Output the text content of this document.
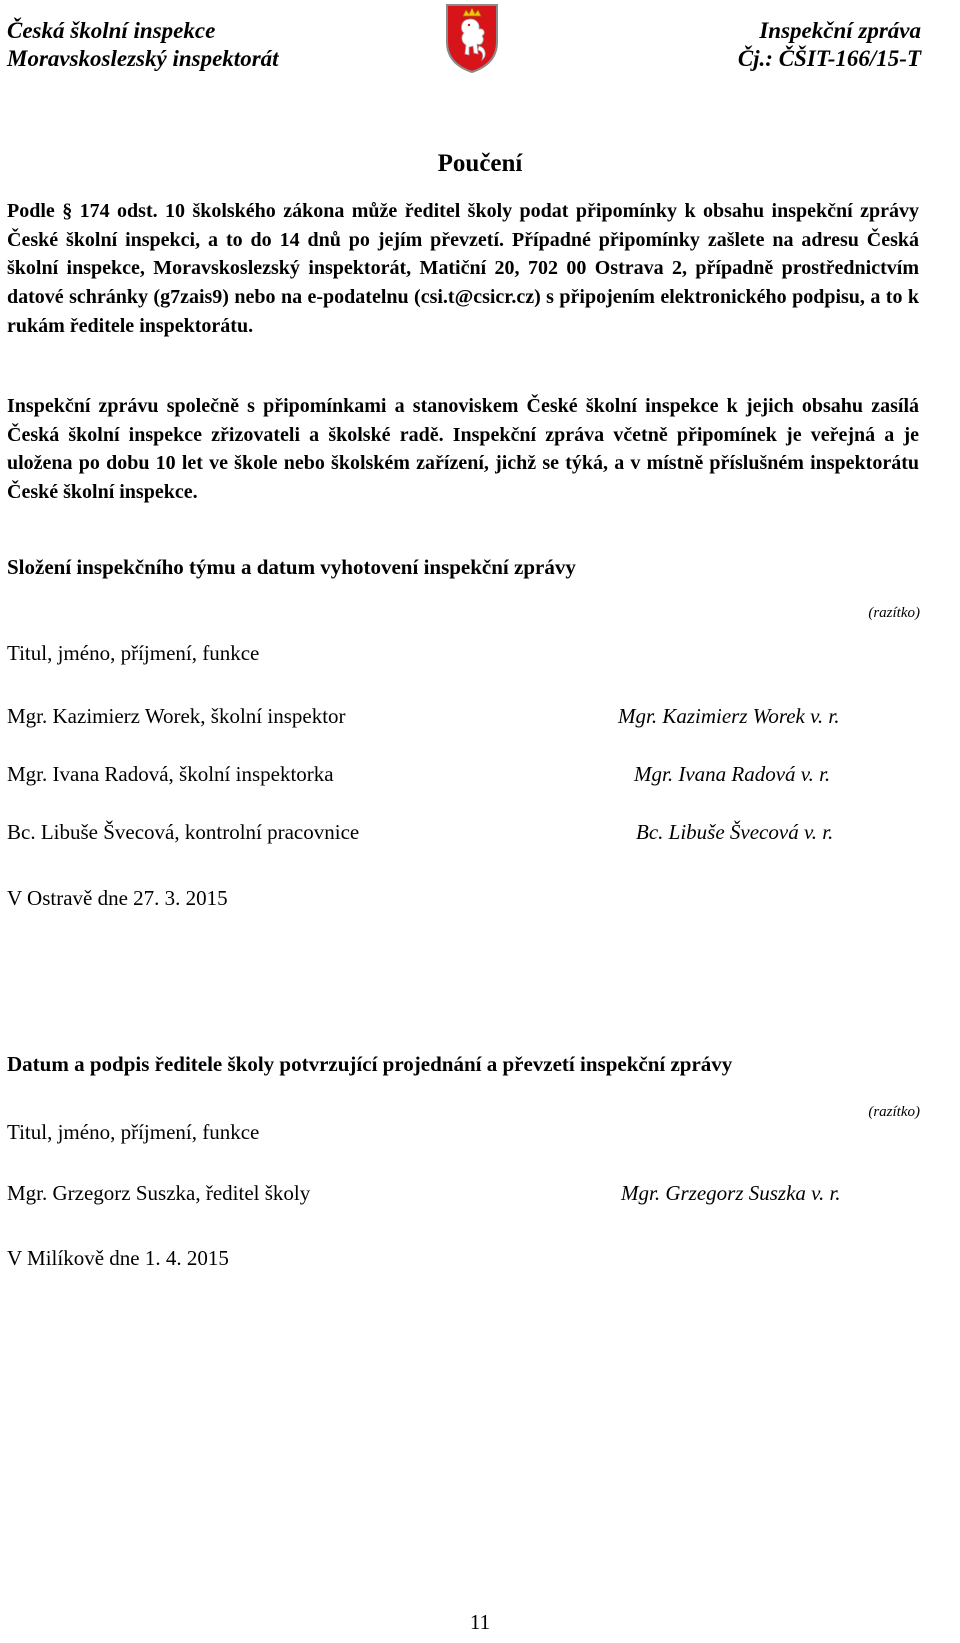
Česká školní inspekce
Moravskoslezský inspektorát
Inspekční zpráva
Čj.: ČŠIT-166/15-T
Poučení
Podle § 174 odst. 10 školského zákona může ředitel školy podat připomínky k obsahu inspekční zprávy České školní inspekci, a to do 14 dnů po jejím převzetí. Případné připomínky zašlete na adresu Česká školní inspekce, Moravskoslezský inspektorát, Matiční 20, 702 00 Ostrava 2, případně prostřednictvím datové schránky (g7zais9) nebo na e-podatelnu (csi.t@csicr.cz) s připojením elektronického podpisu, a to k rukám ředitele inspektorátu.
Inspekční zprávu společně s připomínkami a stanoviskem České školní inspekce k jejich obsahu zasílá Česká školní inspekce zřizovateli a školské radě. Inspekční zpráva včetně připomínek je veřejná a je uložena po dobu 10 let ve škole nebo školském zařízení, jichž se týká, a v místně příslušném inspektorátu České školní inspekce.
Složení inspekčního týmu a datum vyhotovení inspekční zprávy
(razítko)
Titul, jméno, příjmení, funkce
Mgr. Kazimierz Worek, školní inspektor	Mgr. Kazimierz Worek v. r.
Mgr. Ivana Radová, školní inspektorka	Mgr. Ivana Radová v. r.
Bc. Libuše Švecová, kontrolní pracovnice	Bc. Libuše Švecová v. r.
V Ostravě dne 27. 3. 2015
Datum a podpis ředitele školy potvrzující projednání a převzetí inspekční zprávy
(razítko)
Titul, jméno, příjmení, funkce
Mgr. Grzegorz Suszka, ředitel školy	Mgr. Grzegorz Suszka v. r.
V Milíkově dne 1. 4. 2015
11
